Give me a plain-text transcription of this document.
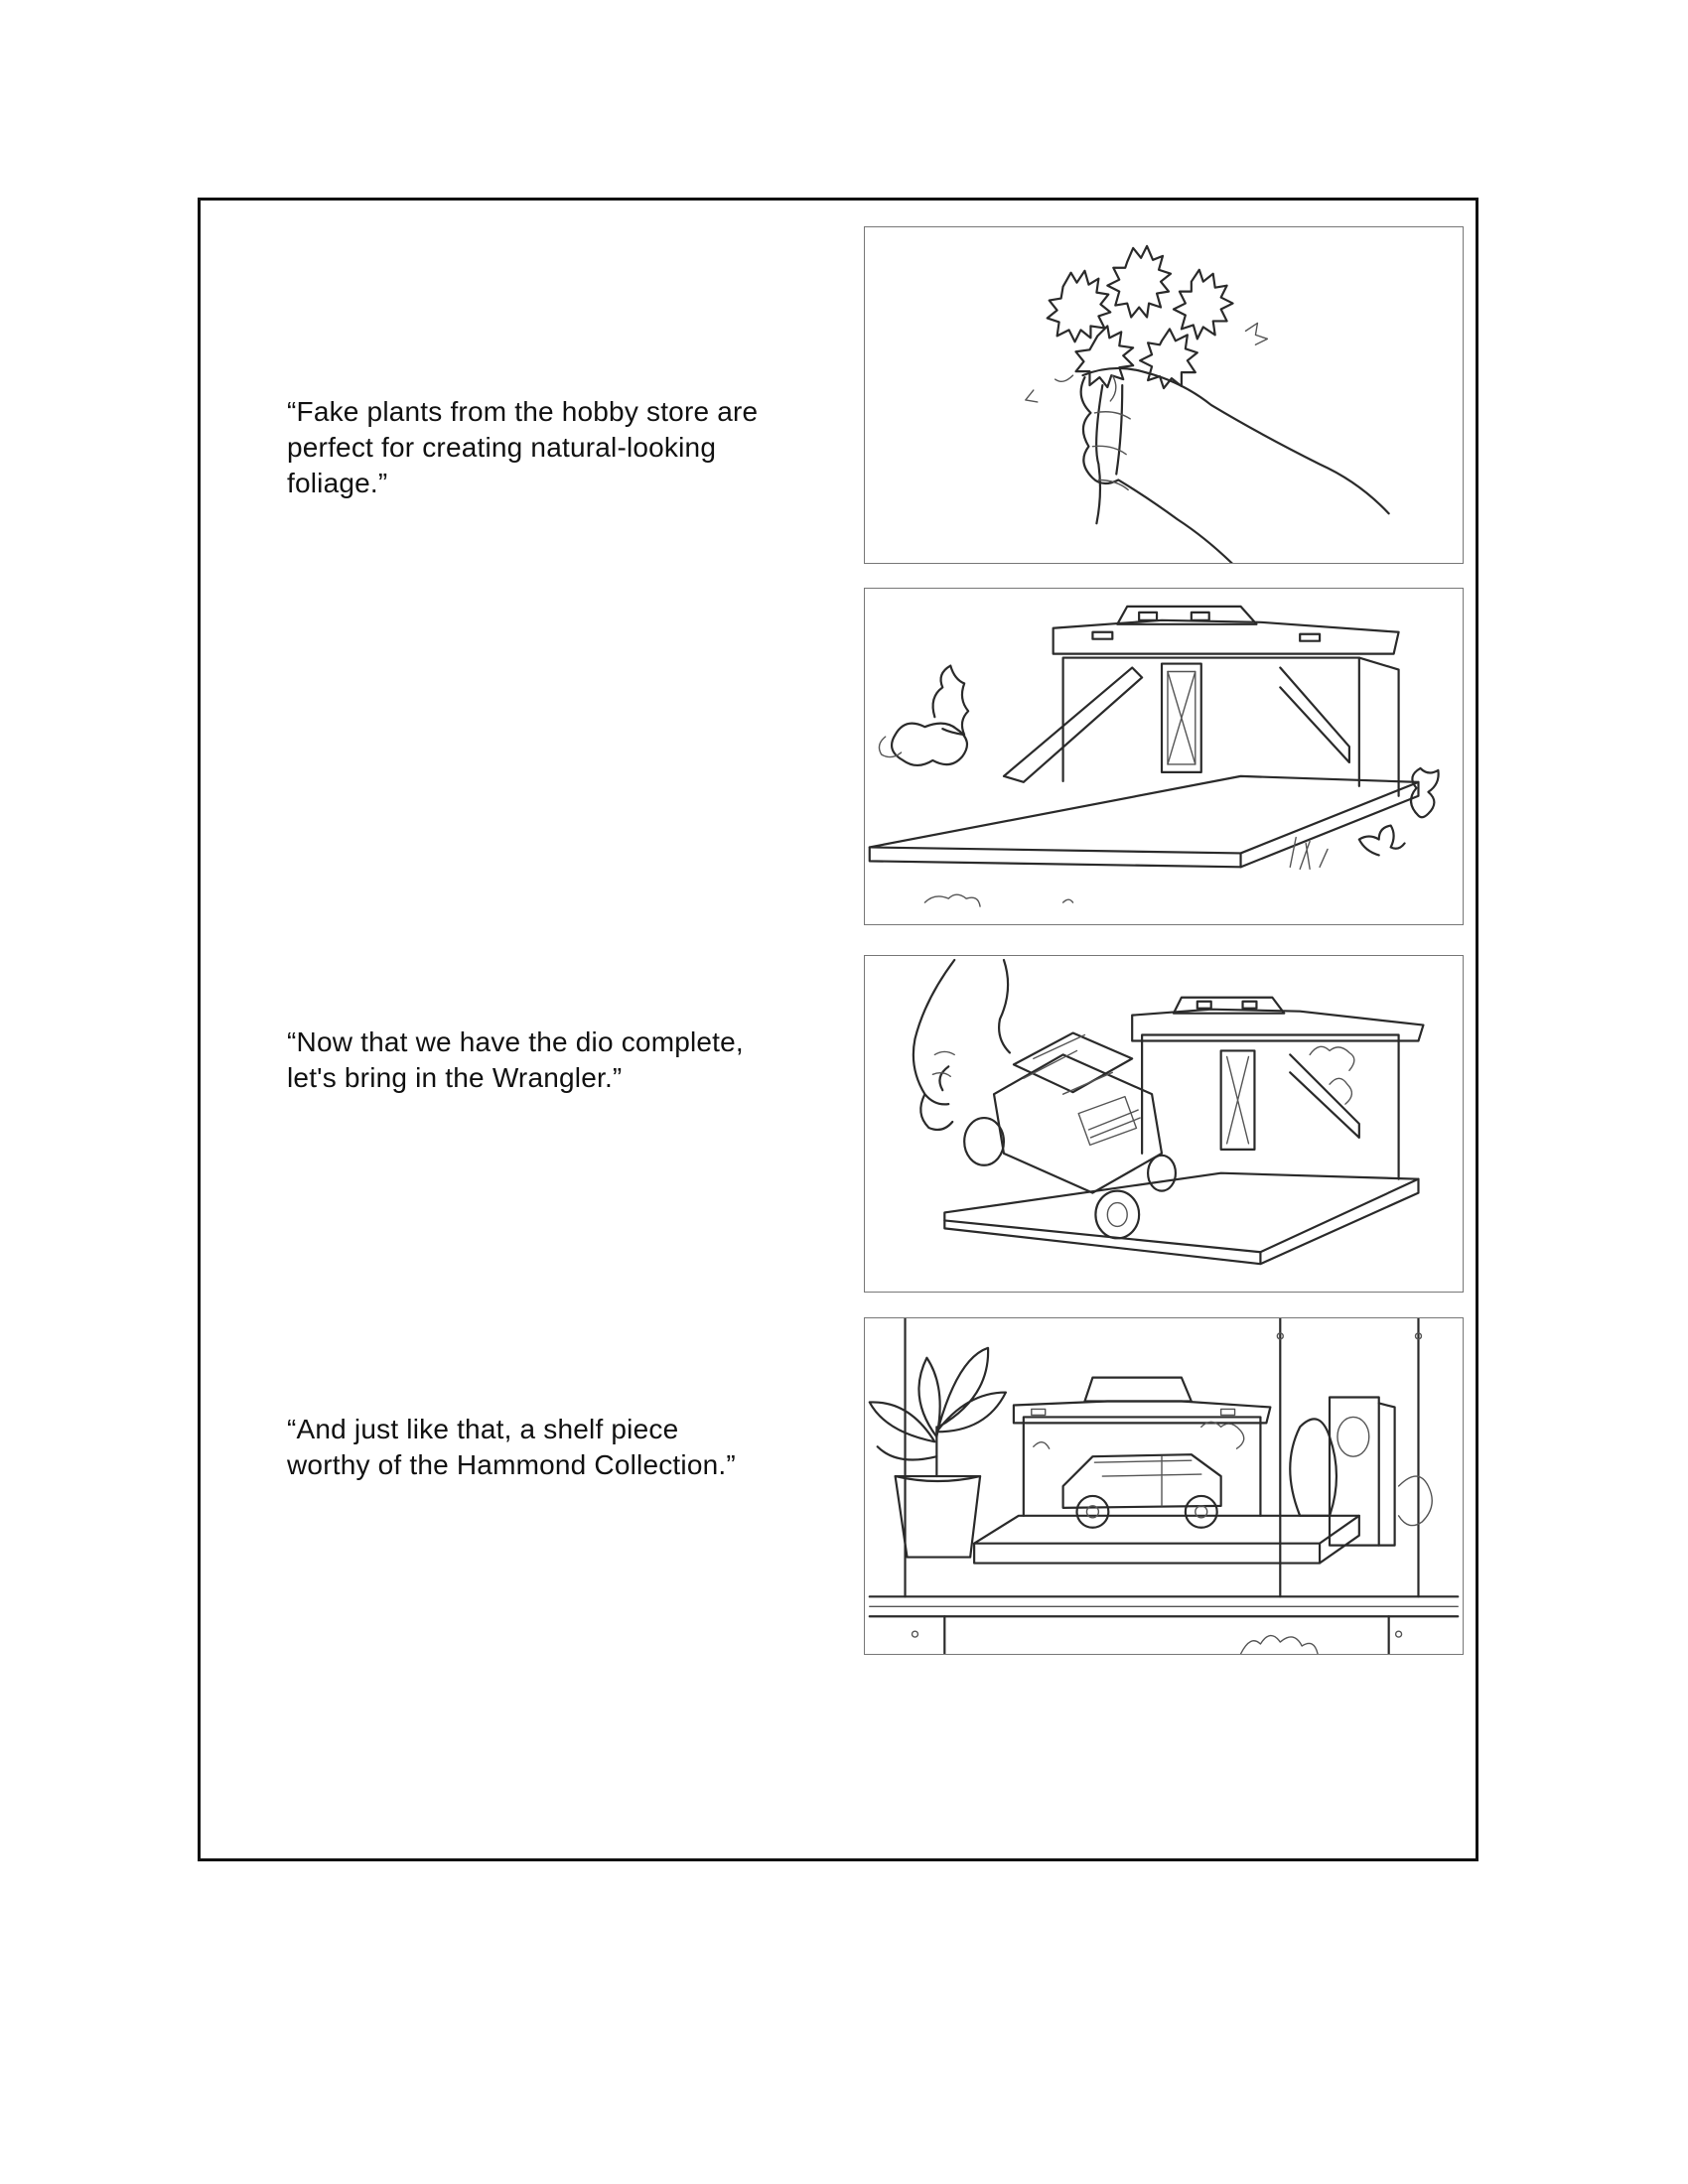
“Fake plants from the hobby store are
perfect for creating natural-looking
foliage.”
“Now that we have the dio complete,
let's bring in the Wrangler.”
“And just like that, a shelf piece
worthy of the Hammond Collection.”
